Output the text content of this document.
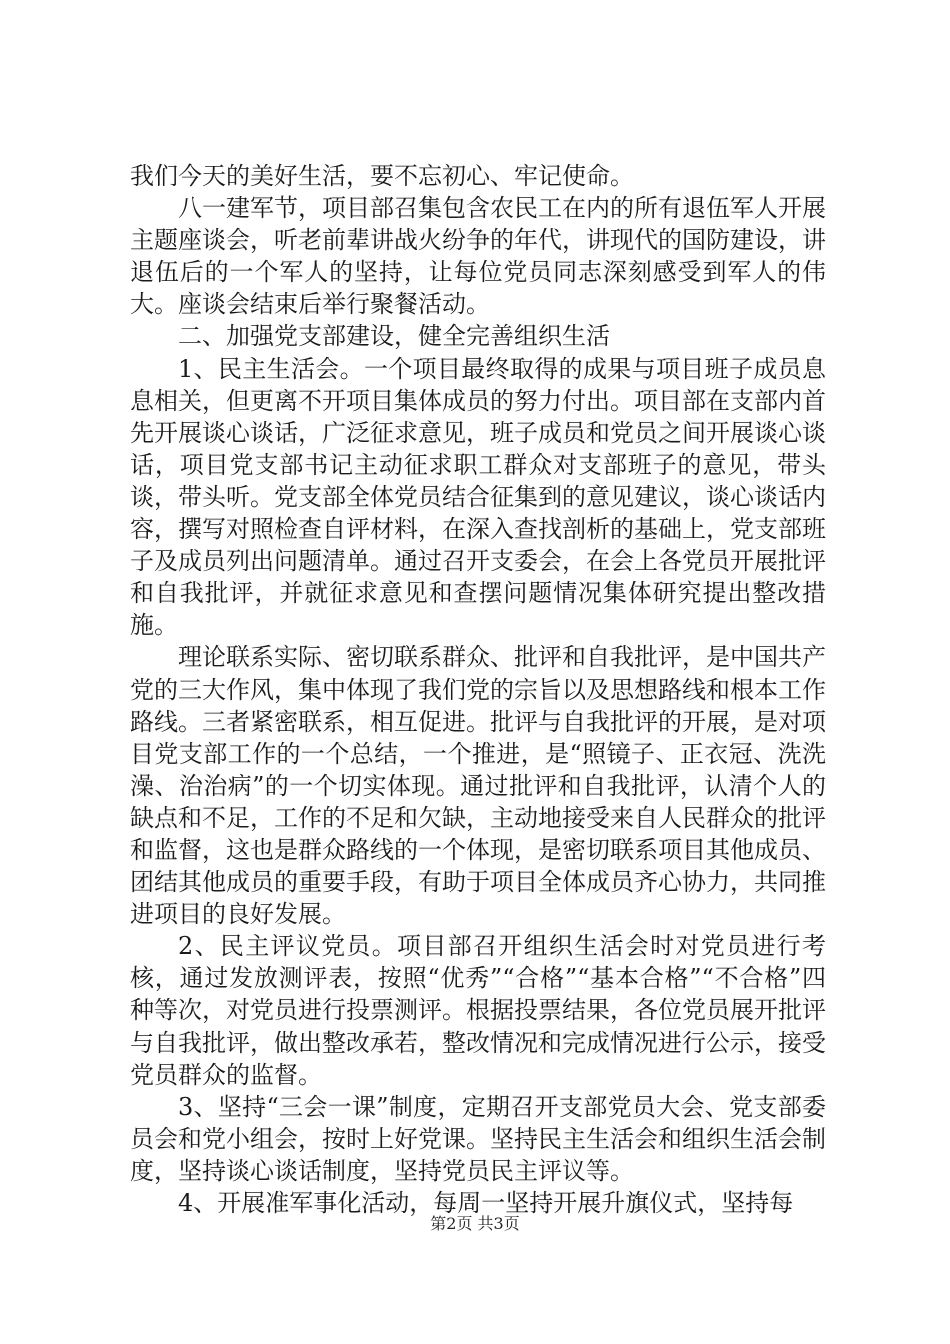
我们今天的美好生活，要不忘初心、牢记使命。

八一建军节，项目部召集包含农民工在内的所有退伍军人开展主题座谈会，听老前辈讲战火纷争的年代，讲现代的国防建设，讲退伍后的一个军人的坚持，让每位党员同志深刻感受到军人的伟大。座谈会结束后举行聚餐活动。

二、加强党支部建设，健全完善组织生活

1、民主生活会。一个项目最终取得的成果与项目班子成员息息相关，但更离不开项目集体成员的努力付出。项目部在支部内首先开展谈心谈话，广泛征求意见，班子成员和党员之间开展谈心谈话，项目党支部书记主动征求职工群众对支部班子的意见，带头谈，带头听。党支部全体党员结合征集到的意见建议，谈心谈话内容，撰写对照检查自评材料，在深入查找剖析的基础上，党支部班子及成员列出问题清单。通过召开支委会，在会上各党员开展批评和自我批评，并就征求意见和查摆问题情况集体研究提出整改措施。

理论联系实际、密切联系群众、批评和自我批评，是中国共产党的三大作风，集中体现了我们党的宗旨以及思想路线和根本工作路线。三者紧密联系，相互促进。批评与自我批评的开展，是对项目党支部工作的一个总结，一个推进，是“照镜子、正衣冠、洗洗澡、治治病”的一个切实体现。通过批评和自我批评，认清个人的缺点和不足，工作的不足和欠缺，主动地接受来自人民群众的批评和监督，这也是群众路线的一个体现，是密切联系项目其他成员、团结其他成员的重要手段，有助于项目全体成员齐心协力，共同推进项目的良好发展。

2、民主评议党员。项目部召开组织生活会时对党员进行考核，通过发放测评表，按照“优秀”“合格”“基本合格”“不合格”四种等次，对党员进行投票测评。根据投票结果，各位党员展开批评与自我批评，做出整改承若，整改情况和完成情况进行公示，接受党员群众的监督。

3、坚持“三会一课”制度，定期召开支部党员大会、党支部委员会和党小组会，按时上好党课。坚持民主生活会和组织生活会制度，坚持谈心谈话制度，坚持党员民主评议等。

4、开展准军事化活动，每周一坚持开展升旗仪式，坚持每

第2页 共3页
